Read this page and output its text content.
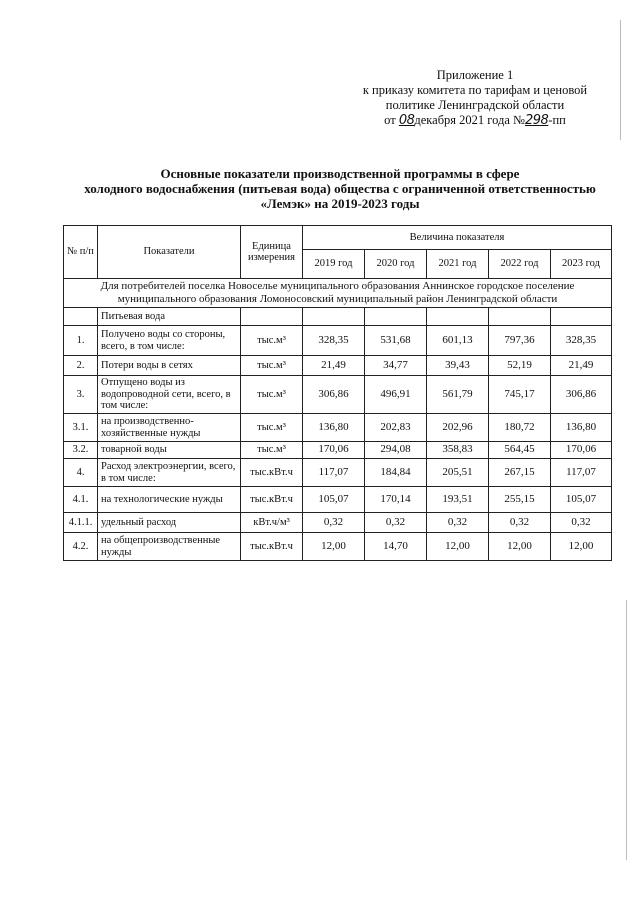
Приложение 1
к приказу комитета по тарифам и ценовой
политике Ленинградской области
от 08декабря 2021 года №298-пп
Основные показатели производственной программы в сфере
холодного водоснабжения (питьевая вода) общества с ограниченной ответственностью
«Лемэк» на 2019-2023 годы
№ п/п	Показатели	Единица измерения	Величина показателя				
			2019 год	2020 год	2021 год	2022 год	2023 год
Для потребителей поселка Новоселье муниципального образования Аннинское городское поселение муниципального образования Ломоносовский муниципальный район Ленинградской области							
	Питьевая вода						
1.	Получено воды со стороны, всего, в том числе:	тыс.м³	328,35	531,68	601,13	797,36	328,35
2.	Потери воды в сетях	тыс.м³	21,49	34,77	39,43	52,19	21,49
3.	Отпущено воды из водопроводной сети, всего, в том числе:	тыс.м³	306,86	496,91	561,79	745,17	306,86
3.1.	на производственно-хозяйственные нужды	тыс.м³	136,80	202,83	202,96	180,72	136,80
3.2.	товарной воды	тыс.м³	170,06	294,08	358,83	564,45	170,06
4.	Расход электроэнергии, всего, в том числе:	тыс.кВт.ч	117,07	184,84	205,51	267,15	117,07
4.1.	на технологические нужды	тыс.кВт.ч	105,07	170,14	193,51	255,15	105,07
4.1.1.	удельный расход	кВт.ч/м³	0,32	0,32	0,32	0,32	0,32
4.2.	на общепроизводственные нужды	тыс.кВт.ч	12,00	14,70	12,00	12,00	12,00
